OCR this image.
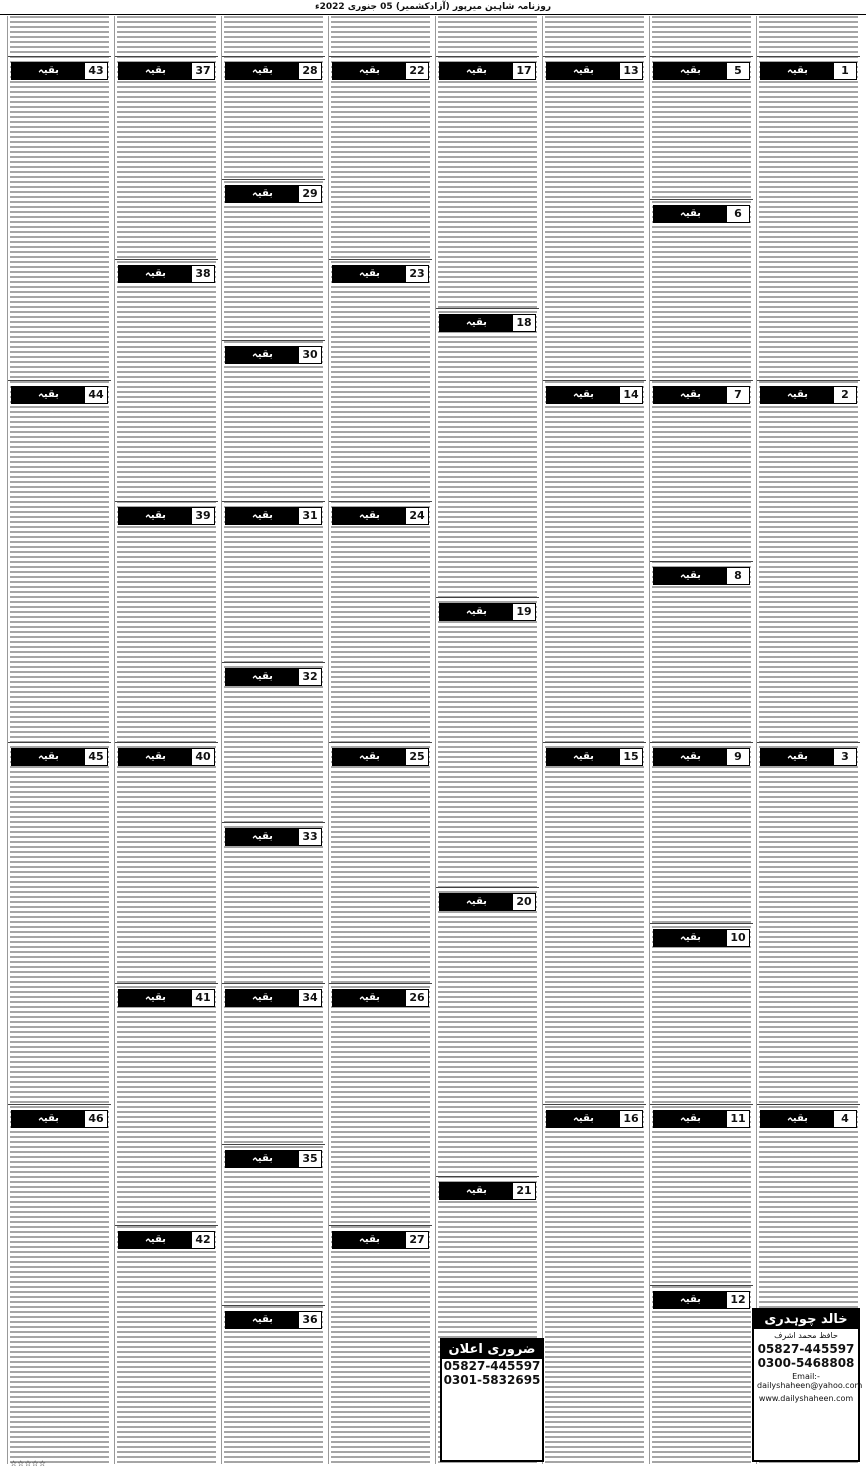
روزنامہ شاہین میرپور (آزادکشمیر) 05 جنوری 2022ء
بقیہ	1
بقیہ	2
بقیہ	3
بقیہ	4
بقیہ	5
بقیہ	6
بقیہ	7
بقیہ	8
بقیہ	9
بقیہ	10
بقیہ	11
بقیہ	12
بقیہ	13
بقیہ	14
بقیہ	15
بقیہ	16
بقیہ	17
بقیہ	18
بقیہ	19
بقیہ	20
بقیہ	21
بقیہ	22
بقیہ	23
بقیہ	24
بقیہ	25
بقیہ	26
بقیہ	27
بقیہ	28
بقیہ	29
بقیہ	30
بقیہ	31
بقیہ	32
بقیہ	33
بقیہ	34
بقیہ	35
بقیہ	36
بقیہ	37
بقیہ	38
بقیہ	39
بقیہ	40
بقیہ	41
بقیہ	42
بقیہ	43
بقیہ	44
بقیہ	45
بقیہ	46
خالد چوہدری
حافظ محمد اشرف
05827-445597
0300-5468808
Email:-dailyshaheen@yahoo.com
www.dailyshaheen.com
ضروری اعلان
05827-445597
0301-5832695
☆☆☆☆☆
